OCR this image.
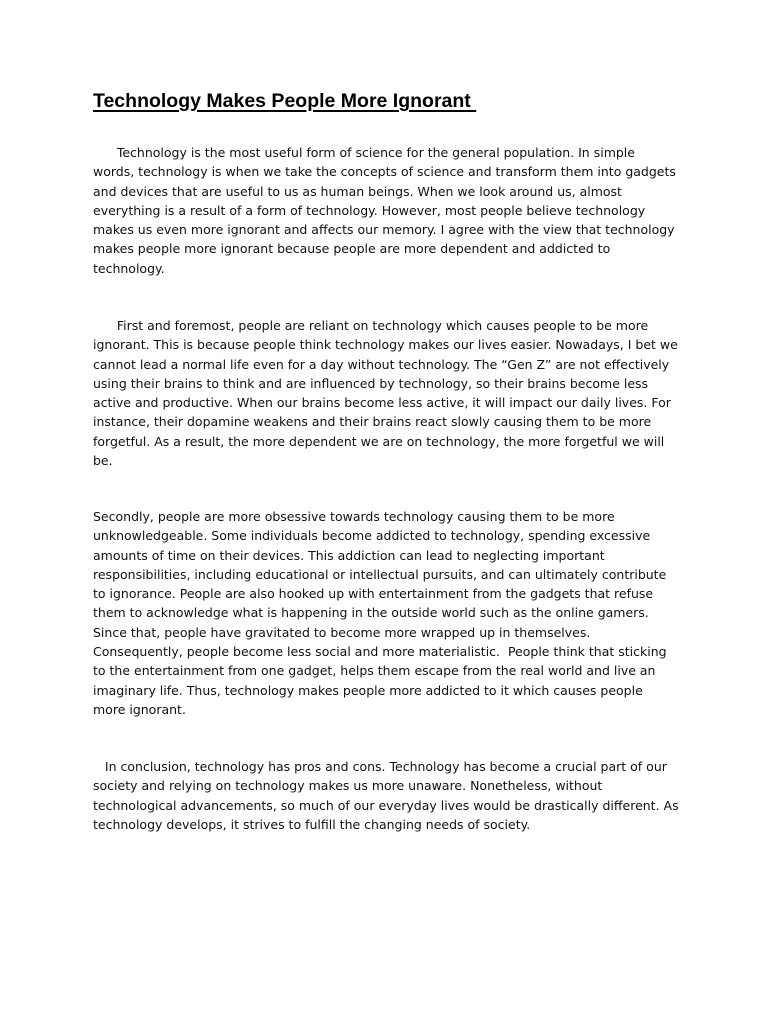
Technology Makes People More Ignorant
Technology is the most useful form of science for the general population. In simple
words, technology is when we take the concepts of science and transform them into gadgets
and devices that are useful to us as human beings. When we look around us, almost
everything is a result of a form of technology. However, most people believe technology
makes us even more ignorant and affects our memory. I agree with the view that technology
makes people more ignorant because people are more dependent and addicted to
technology.
First and foremost, people are reliant on technology which causes people to be more
ignorant. This is because people think technology makes our lives easier. Nowadays, I bet we
cannot lead a normal life even for a day without technology. The “Gen Z” are not effectively
using their brains to think and are influenced by technology, so their brains become less
active and productive. When our brains become less active, it will impact our daily lives. For
instance, their dopamine weakens and their brains react slowly causing them to be more
forgetful. As a result, the more dependent we are on technology, the more forgetful we will
be.
Secondly, people are more obsessive towards technology causing them to be more
unknowledgeable. Some individuals become addicted to technology, spending excessive
amounts of time on their devices. This addiction can lead to neglecting important
responsibilities, including educational or intellectual pursuits, and can ultimately contribute
to ignorance. People are also hooked up with entertainment from the gadgets that refuse
them to acknowledge what is happening in the outside world such as the online gamers.
Since that, people have gravitated to become more wrapped up in themselves.
Consequently, people become less social and more materialistic.  People think that sticking
to the entertainment from one gadget, helps them escape from the real world and live an
imaginary life. Thus, technology makes people more addicted to it which causes people
more ignorant.
In conclusion, technology has pros and cons. Technology has become a crucial part of our
society and relying on technology makes us more unaware. Nonetheless, without
technological advancements, so much of our everyday lives would be drastically different. As
technology develops, it strives to fulfill the changing needs of society.
